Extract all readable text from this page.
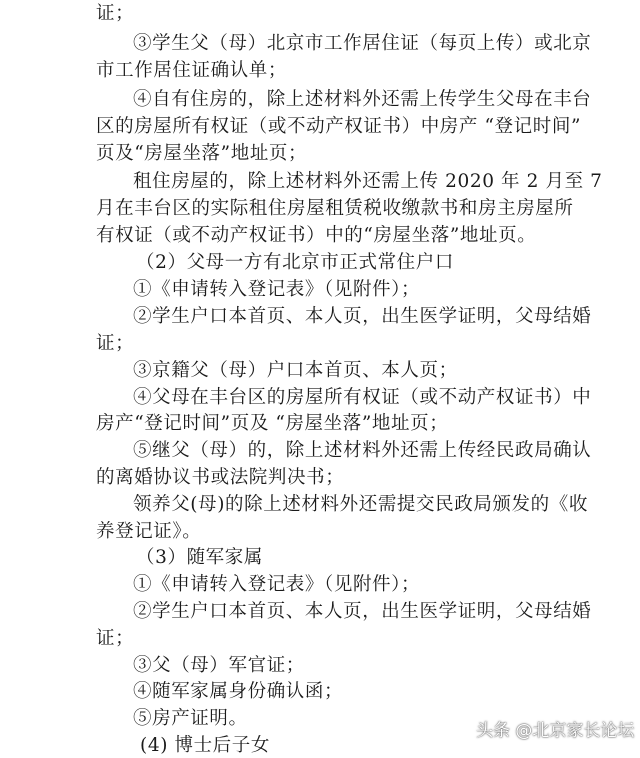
证；
③学生父（母）北京市工作居住证（每页上传）或北京
市工作居住证确认单；
④自有住房的，除上述材料外还需上传学生父母在丰台
区的房屋所有权证（或不动产权证书）中房产 “登记时间”
页及“房屋坐落”地址页；
租住房屋的，除上述材料外还需上传 2020 年 2 月至 7
月在丰台区的实际租住房屋租赁税收缴款书和房主房屋所
有权证（或不动产权证书）中的“房屋坐落”地址页。
（2）父母一方有北京市正式常住户口
①《申请转入登记表》（见附件）；
②学生户口本首页、本人页，出生医学证明，父母结婚
证；
③京籍父（母）户口本首页、本人页；
④父母在丰台区的房屋所有权证（或不动产权证书）中
房产“登记时间”页及 “房屋坐落”地址页；
⑤继父（母）的，除上述材料外还需上传经民政局确认
的离婚协议书或法院判决书；
领养父(母)的除上述材料外还需提交民政局颁发的《收
养登记证》。
（3）随军家属
①《申请转入登记表》（见附件）；
②学生户口本首页、本人页，出生医学证明，父母结婚
证；
③父（母）军官证；
④随军家属身份确认函；
⑤房产证明。
(4) 博士后子女
头条 @北京家长论坛
